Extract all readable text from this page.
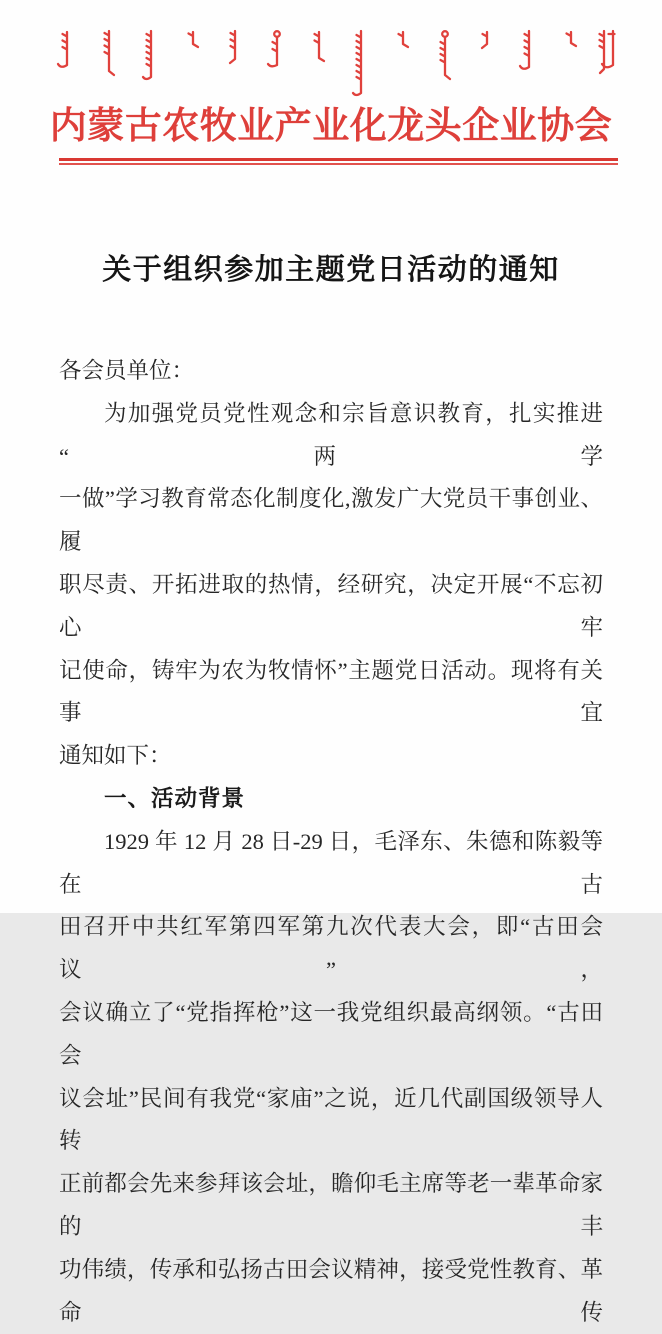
内蒙古农牧业产业化龙头企业协会
关于组织参加主题党日活动的通知

各会员单位：

为加强党员党性观念和宗旨意识教育，扎实推进“两学

一做”学习教育常态化制度化,激发广大党员干事创业、履

职尽责、开拓进取的热情，经研究，决定开展“不忘初心牢

记使命，铸牢为农为牧情怀”主题党日活动。现将有关事宜

通知如下：

一、活动背景

1929 年 12 月 28 日-29 日，毛泽东、朱德和陈毅等在古

田召开中共红军第四军第九次代表大会，即“古田会议”，

会议确立了“党指挥枪”这一我党组织最高纲领。“古田会

议会址”民间有我党“家庙”之说，近几代副国级领导人转

正前都会先来参拜该会址，瞻仰毛主席等老一辈革命家的丰

功伟绩，传承和弘扬古田会议精神，接受党性教育、革命传
